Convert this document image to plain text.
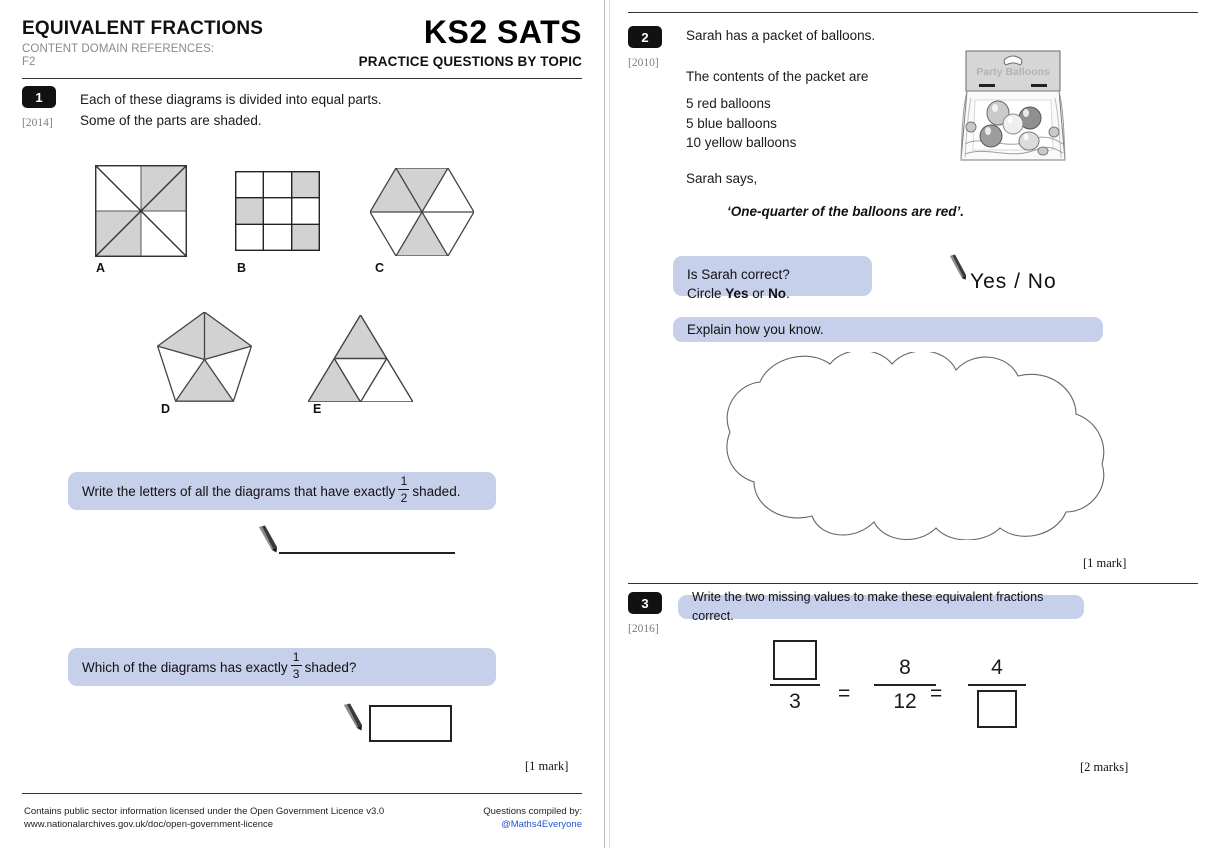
EQUIVALENT FRACTIONS
CONTENT DOMAIN REFERENCES:
F2
KS2 SATS
PRACTICE QUESTIONS BY TOPIC
1
[2014]
Each of these diagrams is divided into equal parts.
Some of the parts are shaded.
A	B	C
D	E
Write the letters of all the diagrams that have exactly $\frac{1}{2}$ shaded.
Which of the diagrams has exactly $\frac{1}{3}$ shaded?
[1 mark]
Contains public sector information licensed under the Open Government Licence v3.0
www.nationalarchives.gov.uk/doc/open-government-licence
Questions compiled by:
@Maths4Everyone
2
[2010]
Sarah has a packet of balloons.
The contents of the packet are
5 red balloons
5 blue balloons
10 yellow balloons
Sarah says,
‘One-quarter of the balloons are red’.
Party Balloons
Is Sarah correct?
Circle Yes or No.
Yes / No
Explain how you know.
[1 mark]
3
[2016]
Write the two missing values to make these equivalent fractions correct.
3	=
8
12 =
4
[2 marks]
